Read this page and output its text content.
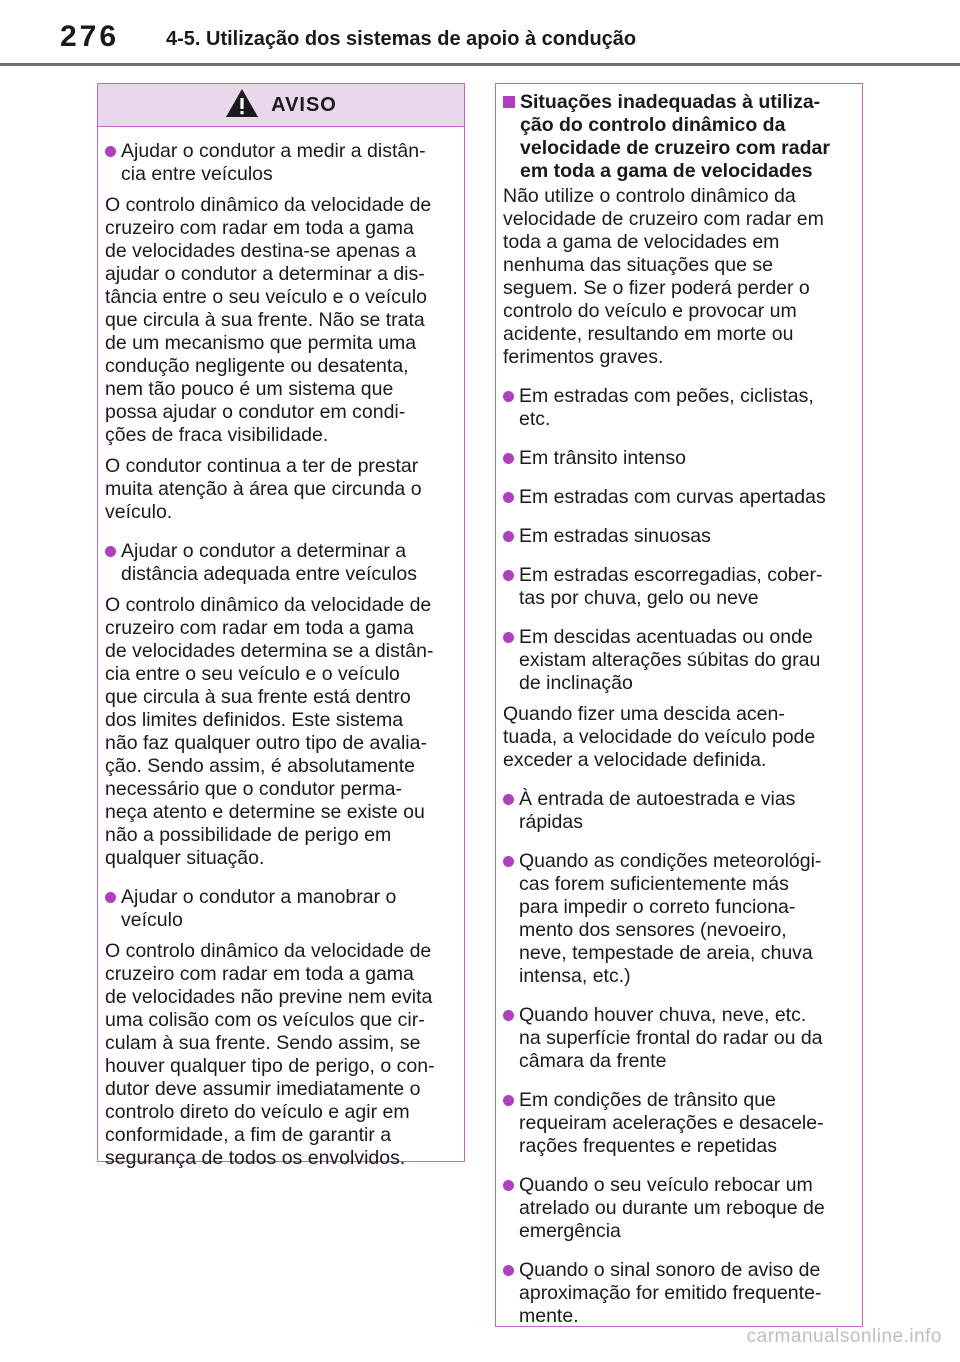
276 4-5. Utilização dos sistemas de apoio à condução
AVISO
Ajudar o condutor a medir a distân-
cia entre veículos

O controlo dinâmico da velocidade de
cruzeiro com radar em toda a gama
de velocidades destina-se apenas a
ajudar o condutor a determinar a dis-
tância entre o seu veículo e o veículo
que circula à sua frente. Não se trata
de um mecanismo que permita uma
condução negligente ou desatenta,
nem tão pouco é um sistema que
possa ajudar o condutor em condi-
ções de fraca visibilidade.

O condutor continua a ter de prestar
muita atenção à área que circunda o
veículo.

Ajudar o condutor a determinar a
distância adequada entre veículos

O controlo dinâmico da velocidade de
cruzeiro com radar em toda a gama
de velocidades determina se a distân-
cia entre o seu veículo e o veículo
que circula à sua frente está dentro
dos limites definidos. Este sistema
não faz qualquer outro tipo de avalia-
ção. Sendo assim, é absolutamente
necessário que o condutor perma-
neça atento e determine se existe ou
não a possibilidade de perigo em
qualquer situação.

Ajudar o condutor a manobrar o
veículo

O controlo dinâmico da velocidade de
cruzeiro com radar em toda a gama
de velocidades não previne nem evita
uma colisão com os veículos que cir-
culam à sua frente. Sendo assim, se
houver qualquer tipo de perigo, o con-
dutor deve assumir imediatamente o
controlo direto do veículo e agir em
conformidade, a fim de garantir a
segurança de todos os envolvidos.

Situações inadequadas à utiliza-
ção do controlo dinâmico da
velocidade de cruzeiro com radar
em toda a gama de velocidades

Não utilize o controlo dinâmico da
velocidade de cruzeiro com radar em
toda a gama de velocidades em
nenhuma das situações que se
seguem. Se o fizer poderá perder o
controlo do veículo e provocar um
acidente, resultando em morte ou
ferimentos graves.

Em estradas com peões, ciclistas,
etc.
Em trânsito intenso
Em estradas com curvas apertadas
Em estradas sinuosas
Em estradas escorregadias, cober-
tas por chuva, gelo ou neve
Em descidas acentuadas ou onde
existam alterações súbitas do grau
de inclinação

Quando fizer uma descida acen-
tuada, a velocidade do veículo pode
exceder a velocidade definida.

À entrada de autoestrada e vias
rápidas
Quando as condições meteorológi-
cas forem suficientemente más
para impedir o correto funciona-
mento dos sensores (nevoeiro,
neve, tempestade de areia, chuva
intensa, etc.)
Quando houver chuva, neve, etc.
na superfície frontal do radar ou da
câmara da frente
Em condições de trânsito que
requeiram acelerações e desacele-
rações frequentes e repetidas
Quando o seu veículo rebocar um
atrelado ou durante um reboque de
emergência
Quando o sinal sonoro de aviso de
aproximação for emitido frequente-
mente.
carmanualsonline.info
